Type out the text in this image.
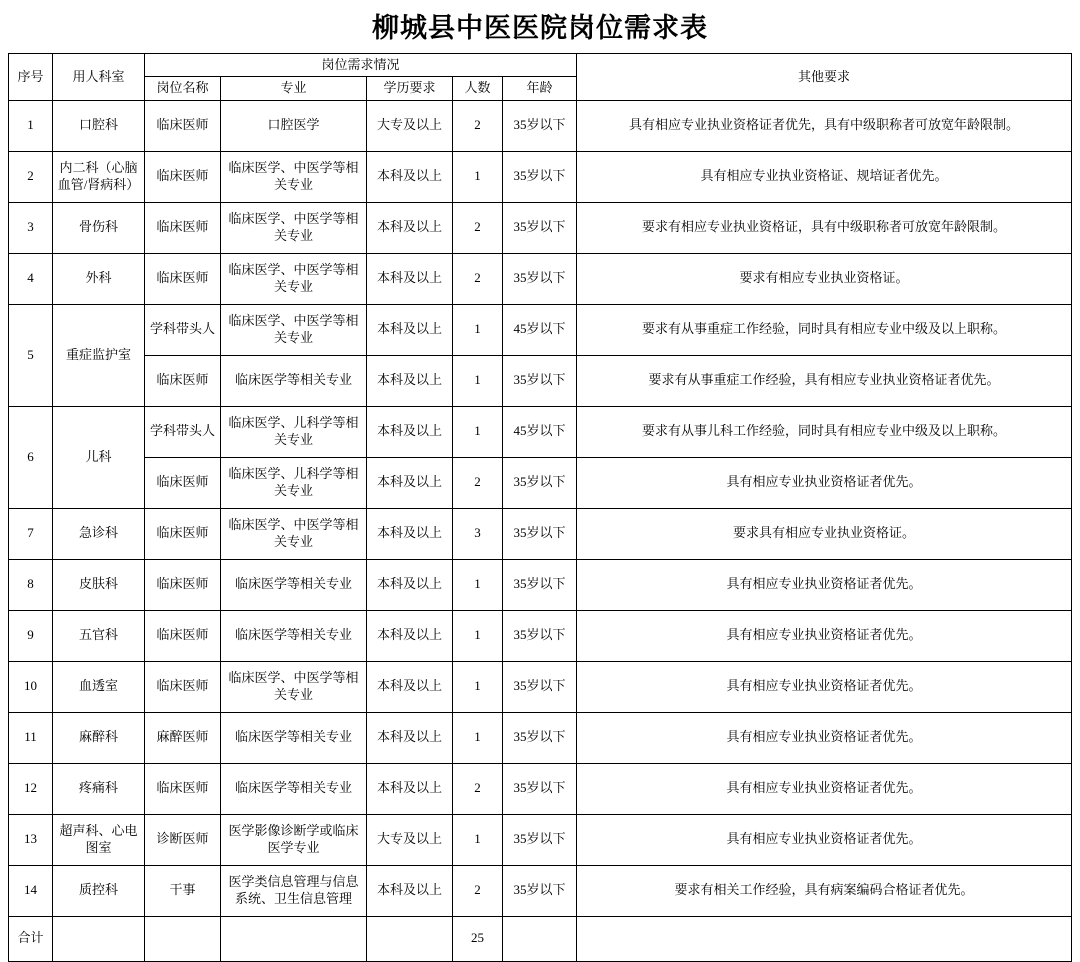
柳城县中医医院岗位需求表
序号	用人科室	岗位需求情况					其他要求
		岗位名称	专业	学历要求	人数	年龄	
1	口腔科	临床医师	口腔医学	大专及以上	2	35岁以下	具有相应专业执业资格证者优先，具有中级职称者可放宽年龄限制。
2	内二科（心脑血管/肾病科）	临床医师	临床医学、中医学等相关专业	本科及以上	1	35岁以下	具有相应专业执业资格证、规培证者优先。
3	骨伤科	临床医师	临床医学、中医学等相关专业	本科及以上	2	35岁以下	要求有相应专业执业资格证，具有中级职称者可放宽年龄限制。
4	外科	临床医师	临床医学、中医学等相关专业	本科及以上	2	35岁以下	要求有相应专业执业资格证。
5	重症监护室	学科带头人	临床医学、中医学等相关专业	本科及以上	1	45岁以下	要求有从事重症工作经验，同时具有相应专业中级及以上职称。
		临床医师	临床医学等相关专业	本科及以上	1	35岁以下	要求有从事重症工作经验，具有相应专业执业资格证者优先。
6	儿科	学科带头人	临床医学、儿科学等相关专业	本科及以上	1	45岁以下	要求有从事儿科工作经验，同时具有相应专业中级及以上职称。
		临床医师	临床医学、儿科学等相关专业	本科及以上	2	35岁以下	具有相应专业执业资格证者优先。
7	急诊科	临床医师	临床医学、中医学等相关专业	本科及以上	3	35岁以下	要求具有相应专业执业资格证。
8	皮肤科	临床医师	临床医学等相关专业	本科及以上	1	35岁以下	具有相应专业执业资格证者优先。
9	五官科	临床医师	临床医学等相关专业	本科及以上	1	35岁以下	具有相应专业执业资格证者优先。
10	血透室	临床医师	临床医学、中医学等相关专业	本科及以上	1	35岁以下	具有相应专业执业资格证者优先。
11	麻醉科	麻醉医师	临床医学等相关专业	本科及以上	1	35岁以下	具有相应专业执业资格证者优先。
12	疼痛科	临床医师	临床医学等相关专业	本科及以上	2	35岁以下	具有相应专业执业资格证者优先。
13	超声科、心电图室	诊断医师	医学影像诊断学或临床医学专业	大专及以上	1	35岁以下	具有相应专业执业资格证者优先。
14	质控科	干事	医学类信息管理与信息系统、卫生信息管理	本科及以上	2	35岁以下	要求有相关工作经验，具有病案编码合格证者优先。
合计					25		
